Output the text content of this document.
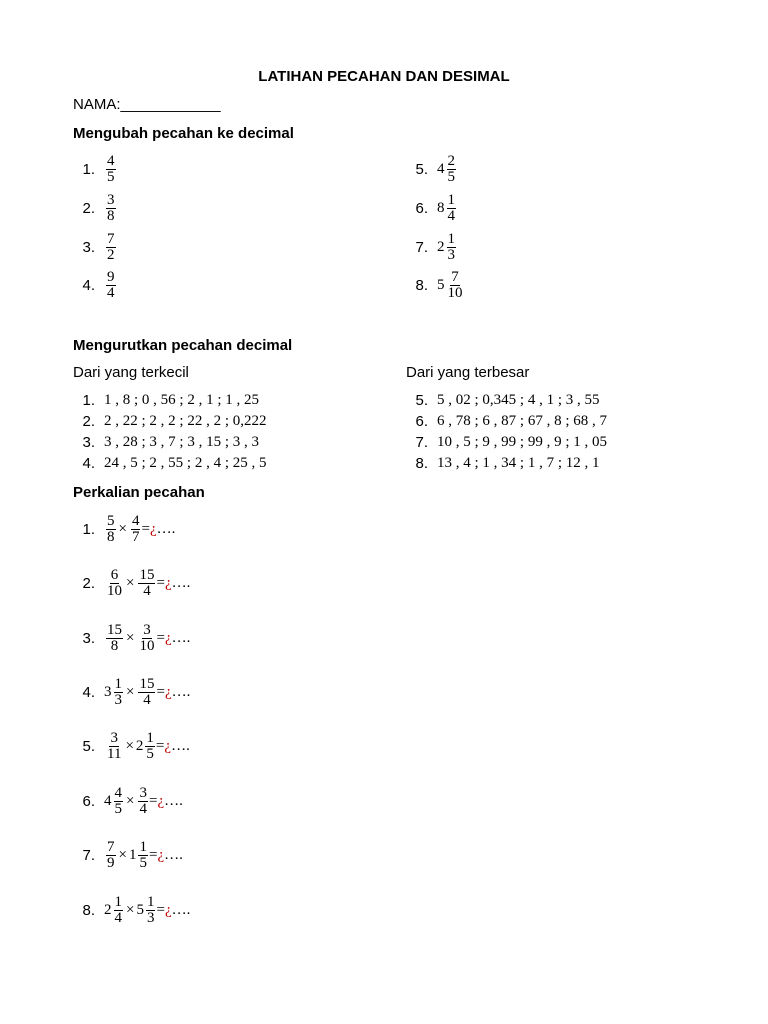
LATIHAN PECAHAN DAN DESIMAL
NAMA:____________
Mengubah pecahan ke decimal
1. $\frac{4}{5}$
2. $\frac{3}{8}$
3. $\frac{7}{2}$
4. $\frac{9}{4}$
5. $4 \frac{2}{5}$
6. $8 \frac{1}{4}$
7. $2 \frac{1}{3}$
8. $5 \frac{7}{10}$
Mengurutkan pecahan decimal
Dari yang terkecil	Dari yang terbesar
1. 1 , 8 ; 0 , 56 ; 2 , 1 ; 1 , 25
2. 2 , 22 ; 2 , 2 ; 22 , 2 ; 0,222
3. 3 , 28 ; 3 , 7 ; 3 , 15 ; 3 , 3
4. 24 , 5 ; 2 , 55 ; 2 , 4 ; 25 , 5
5. 5 , 02 ; 0,345 ; 4 , 1 ; 3 , 55
6. 6 , 78 ; 6 , 87 ; 67 , 8 ; 68 , 7
7. 10 , 5 ; 9 , 99 ; 99 , 9 ; 1 , 05
8. 13 , 4 ; 1 , 34 ; 1 , 7 ; 12 , 1
Perkalian pecahan
1. $\frac{5}{8} \times \frac{4}{7}$ = ¿ ….
2. $\frac{6}{10} \times \frac{15}{4}$ = ¿ ….
3. $\frac{15}{8} \times \frac{3}{10}$ = ¿ ….
4. $3 \frac{1}{3} \times \frac{15}{4}$ = ¿ ….
5. $\frac{3}{11} \times 2 \frac{1}{5}$ = ¿ ….
6. $4 \frac{4}{5} \times \frac{3}{4}$ = ¿ ….
7. $\frac{7}{9} \times 1 \frac{1}{5}$ = ¿ ….
8. $2 \frac{1}{4} \times 5 \frac{1}{3}$ = ¿ ….
